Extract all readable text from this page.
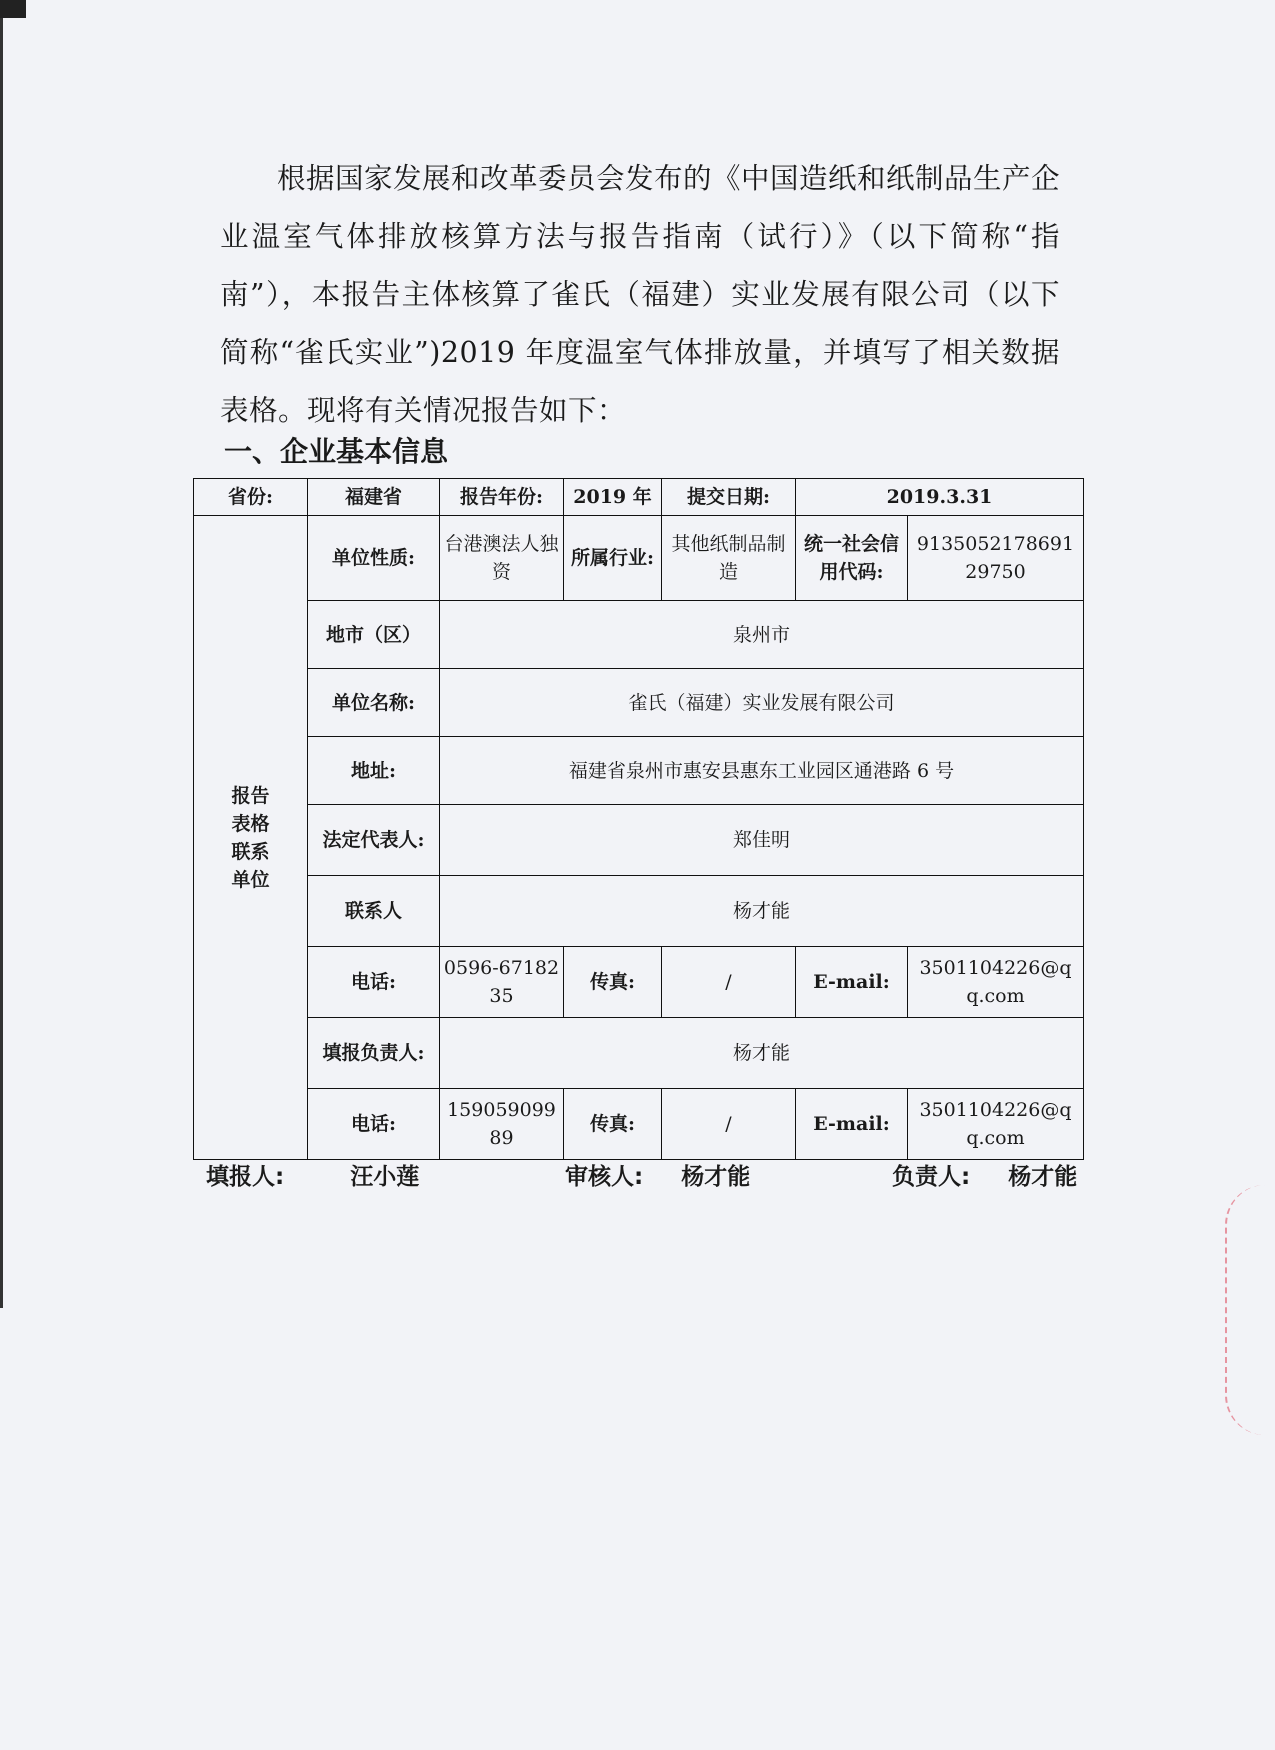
根据国家发展和改革委员会发布的《中国造纸和纸制品生产企业温室气体排放核算方法与报告指南（试行）》（以下简称“指南”），本报告主体核算了雀氏（福建）实业发展有限公司（以下简称“雀氏实业”)2019 年度温室气体排放量，并填写了相关数据表格。现将有关情况报告如下：

一、企业基本信息
省份:	福建省	报告年份:	2019 年	提交日期:	2019.3.31	

报告表格联系单位	单位性质:	台港澳法人独资	所属行业:	其他纸制品制造	统一社会信用代码:	913505217869129750
	地市（区）	泉州市				
	单位名称:	雀氏（福建）实业发展有限公司				
	地址:	福建省泉州市惠安县惠东工业园区通港路 6 号				
	法定代表人:	郑佳明				
	联系人	杨才能				
	电话:	0596-6718235	传真:	/	E-mail:	3501104226@qq.com
	填报负责人:	杨才能				
	电话:	15905909989	传真:	/	E-mail:	3501104226@qq.com
填报人:	汪小莲	审核人: 杨才能	负责人: 杨才能
